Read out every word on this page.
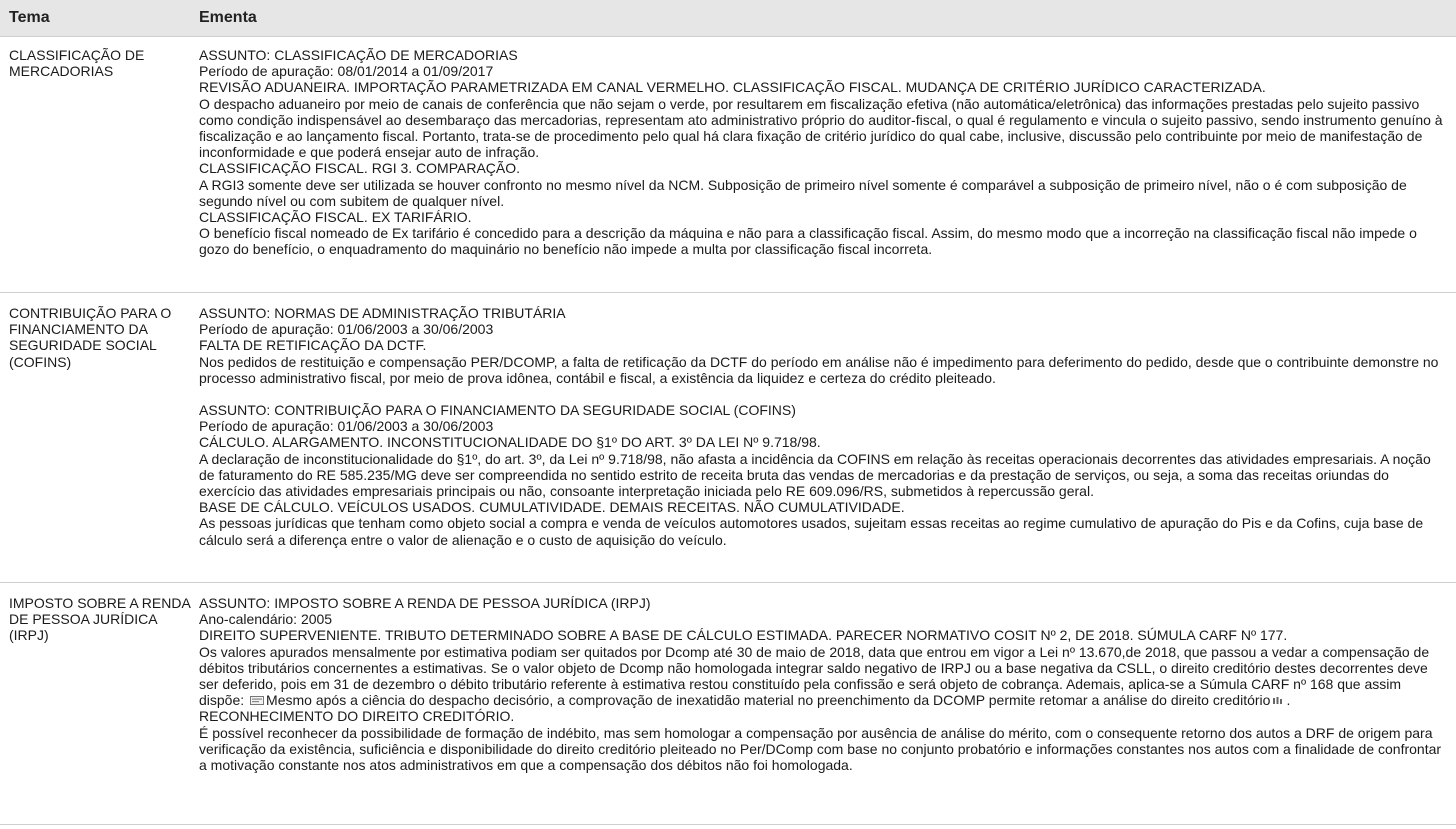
Tema	Ementa
CLASSIFICAÇÃO DE MERCADORIAS
ASSUNTO: CLASSIFICAÇÃO DE MERCADORIAS
Período de apuração: 08/01/2014 a 01/09/2017
REVISÃO ADUANEIRA. IMPORTAÇÃO PARAMETRIZADA EM CANAL VERMELHO. CLASSIFICAÇÃO FISCAL. MUDANÇA DE CRITÉRIO JURÍDICO CARACTERIZADA.
O despacho aduaneiro por meio de canais de conferência que não sejam o verde, por resultarem em fiscalização efetiva (não automática/eletrônica) das informações prestadas pelo sujeito passivo como condição indispensável ao desembaraço das mercadorias, representam ato administrativo próprio do auditor-fiscal, o qual é regulamento e vincula o sujeito passivo, sendo instrumento genuíno à fiscalização e ao lançamento fiscal. Portanto, trata-se de procedimento pelo qual há clara fixação de critério jurídico do qual cabe, inclusive, discussão pelo contribuinte por meio de manifestação de inconformidade e que poderá ensejar auto de infração.
CLASSIFICAÇÃO FISCAL. RGI 3. COMPARAÇÃO.
A RGI3 somente deve ser utilizada se houver confronto no mesmo nível da NCM. Subposição de primeiro nível somente é comparável a subposição de primeiro nível, não o é com subposição de segundo nível ou com subitem de qualquer nível.
CLASSIFICAÇÃO FISCAL. EX TARIFÁRIO.
O benefício fiscal nomeado de Ex tarifário é concedido para a descrição da máquina e não para a classificação fiscal. Assim, do mesmo modo que a incorreção na classificação fiscal não impede o gozo do benefício, o enquadramento do maquinário no benefício não impede a multa por classificação fiscal incorreta.
CONTRIBUIÇÃO PARA O FINANCIAMENTO DA SEGURIDADE SOCIAL (COFINS)
ASSUNTO: NORMAS DE ADMINISTRAÇÃO TRIBUTÁRIA
Período de apuração: 01/06/2003 a 30/06/2003
FALTA DE RETIFICAÇÃO DA DCTF.
Nos pedidos de restituição e compensação PER/DCOMP, a falta de retificação da DCTF do período em análise não é impedimento para deferimento do pedido, desde que o contribuinte demonstre no processo administrativo fiscal, por meio de prova idônea, contábil e fiscal, a existência da liquidez e certeza do crédito pleiteado.
ASSUNTO: CONTRIBUIÇÃO PARA O FINANCIAMENTO DA SEGURIDADE SOCIAL (COFINS)
Período de apuração: 01/06/2003 a 30/06/2003
CÁLCULO. ALARGAMENTO. INCONSTITUCIONALIDADE DO §1º DO ART. 3º DA LEI Nº 9.718/98.
A declaração de inconstitucionalidade do §1º, do art. 3º, da Lei nº 9.718/98, não afasta a incidência da COFINS em relação às receitas operacionais decorrentes das atividades empresariais. A noção de faturamento do RE 585.235/MG deve ser compreendida no sentido estrito de receita bruta das vendas de mercadorias e da prestação de serviços, ou seja, a soma das receitas oriundas do exercício das atividades empresariais principais ou não, consoante interpretação iniciada pelo RE 609.096/RS, submetidos à repercussão geral.
BASE DE CÁLCULO. VEÍCULOS USADOS. CUMULATIVIDADE. DEMAIS RECEITAS. NÃO CUMULATIVIDADE.
As pessoas jurídicas que tenham como objeto social a compra e venda de veículos automotores usados, sujeitam essas receitas ao regime cumulativo de apuração do Pis e da Cofins, cuja base de cálculo será a diferença entre o valor de alienação e o custo de aquisição do veículo.
IMPOSTO SOBRE A RENDA DE PESSOA JURÍDICA (IRPJ)
ASSUNTO: IMPOSTO SOBRE A RENDA DE PESSOA JURÍDICA (IRPJ)
Ano-calendário: 2005
DIREITO SUPERVENIENTE. TRIBUTO DETERMINADO SOBRE A BASE DE CÁLCULO ESTIMADA. PARECER NORMATIVO COSIT Nº 2, DE 2018. SÚMULA CARF Nº 177.
Os valores apurados mensalmente por estimativa podiam ser quitados por Dcomp até 30 de maio de 2018, data que entrou em vigor a Lei nº 13.670,de 2018, que passou a vedar a compensação de débitos tributários concernentes a estimativas. Se o valor objeto de Dcomp não homologada integrar saldo negativo de IRPJ ou a base negativa da CSLL, o direito creditório destes decorrentes deve ser deferido, pois em 31 de dezembro o débito tributário referente à estimativa restou constituído pela confissão e será objeto de cobrança. Ademais, aplica-se a Súmula CARF nº 168 que assim dispõe: Mesmo após a ciência do despacho decisório, a comprovação de inexatidão material no preenchimento da DCOMP permite retomar a análise do direito creditório .
RECONHECIMENTO DO DIREITO CREDITÓRIO.
É possível reconhecer da possibilidade de formação de indébito, mas sem homologar a compensação por ausência de análise do mérito, com o consequente retorno dos autos a DRF de origem para verificação da existência, suficiência e disponibilidade do direito creditório pleiteado no Per/DComp com base no conjunto probatório e informações constantes nos autos com a finalidade de confrontar a motivação constante nos atos administrativos em que a compensação dos débitos não foi homologada.
